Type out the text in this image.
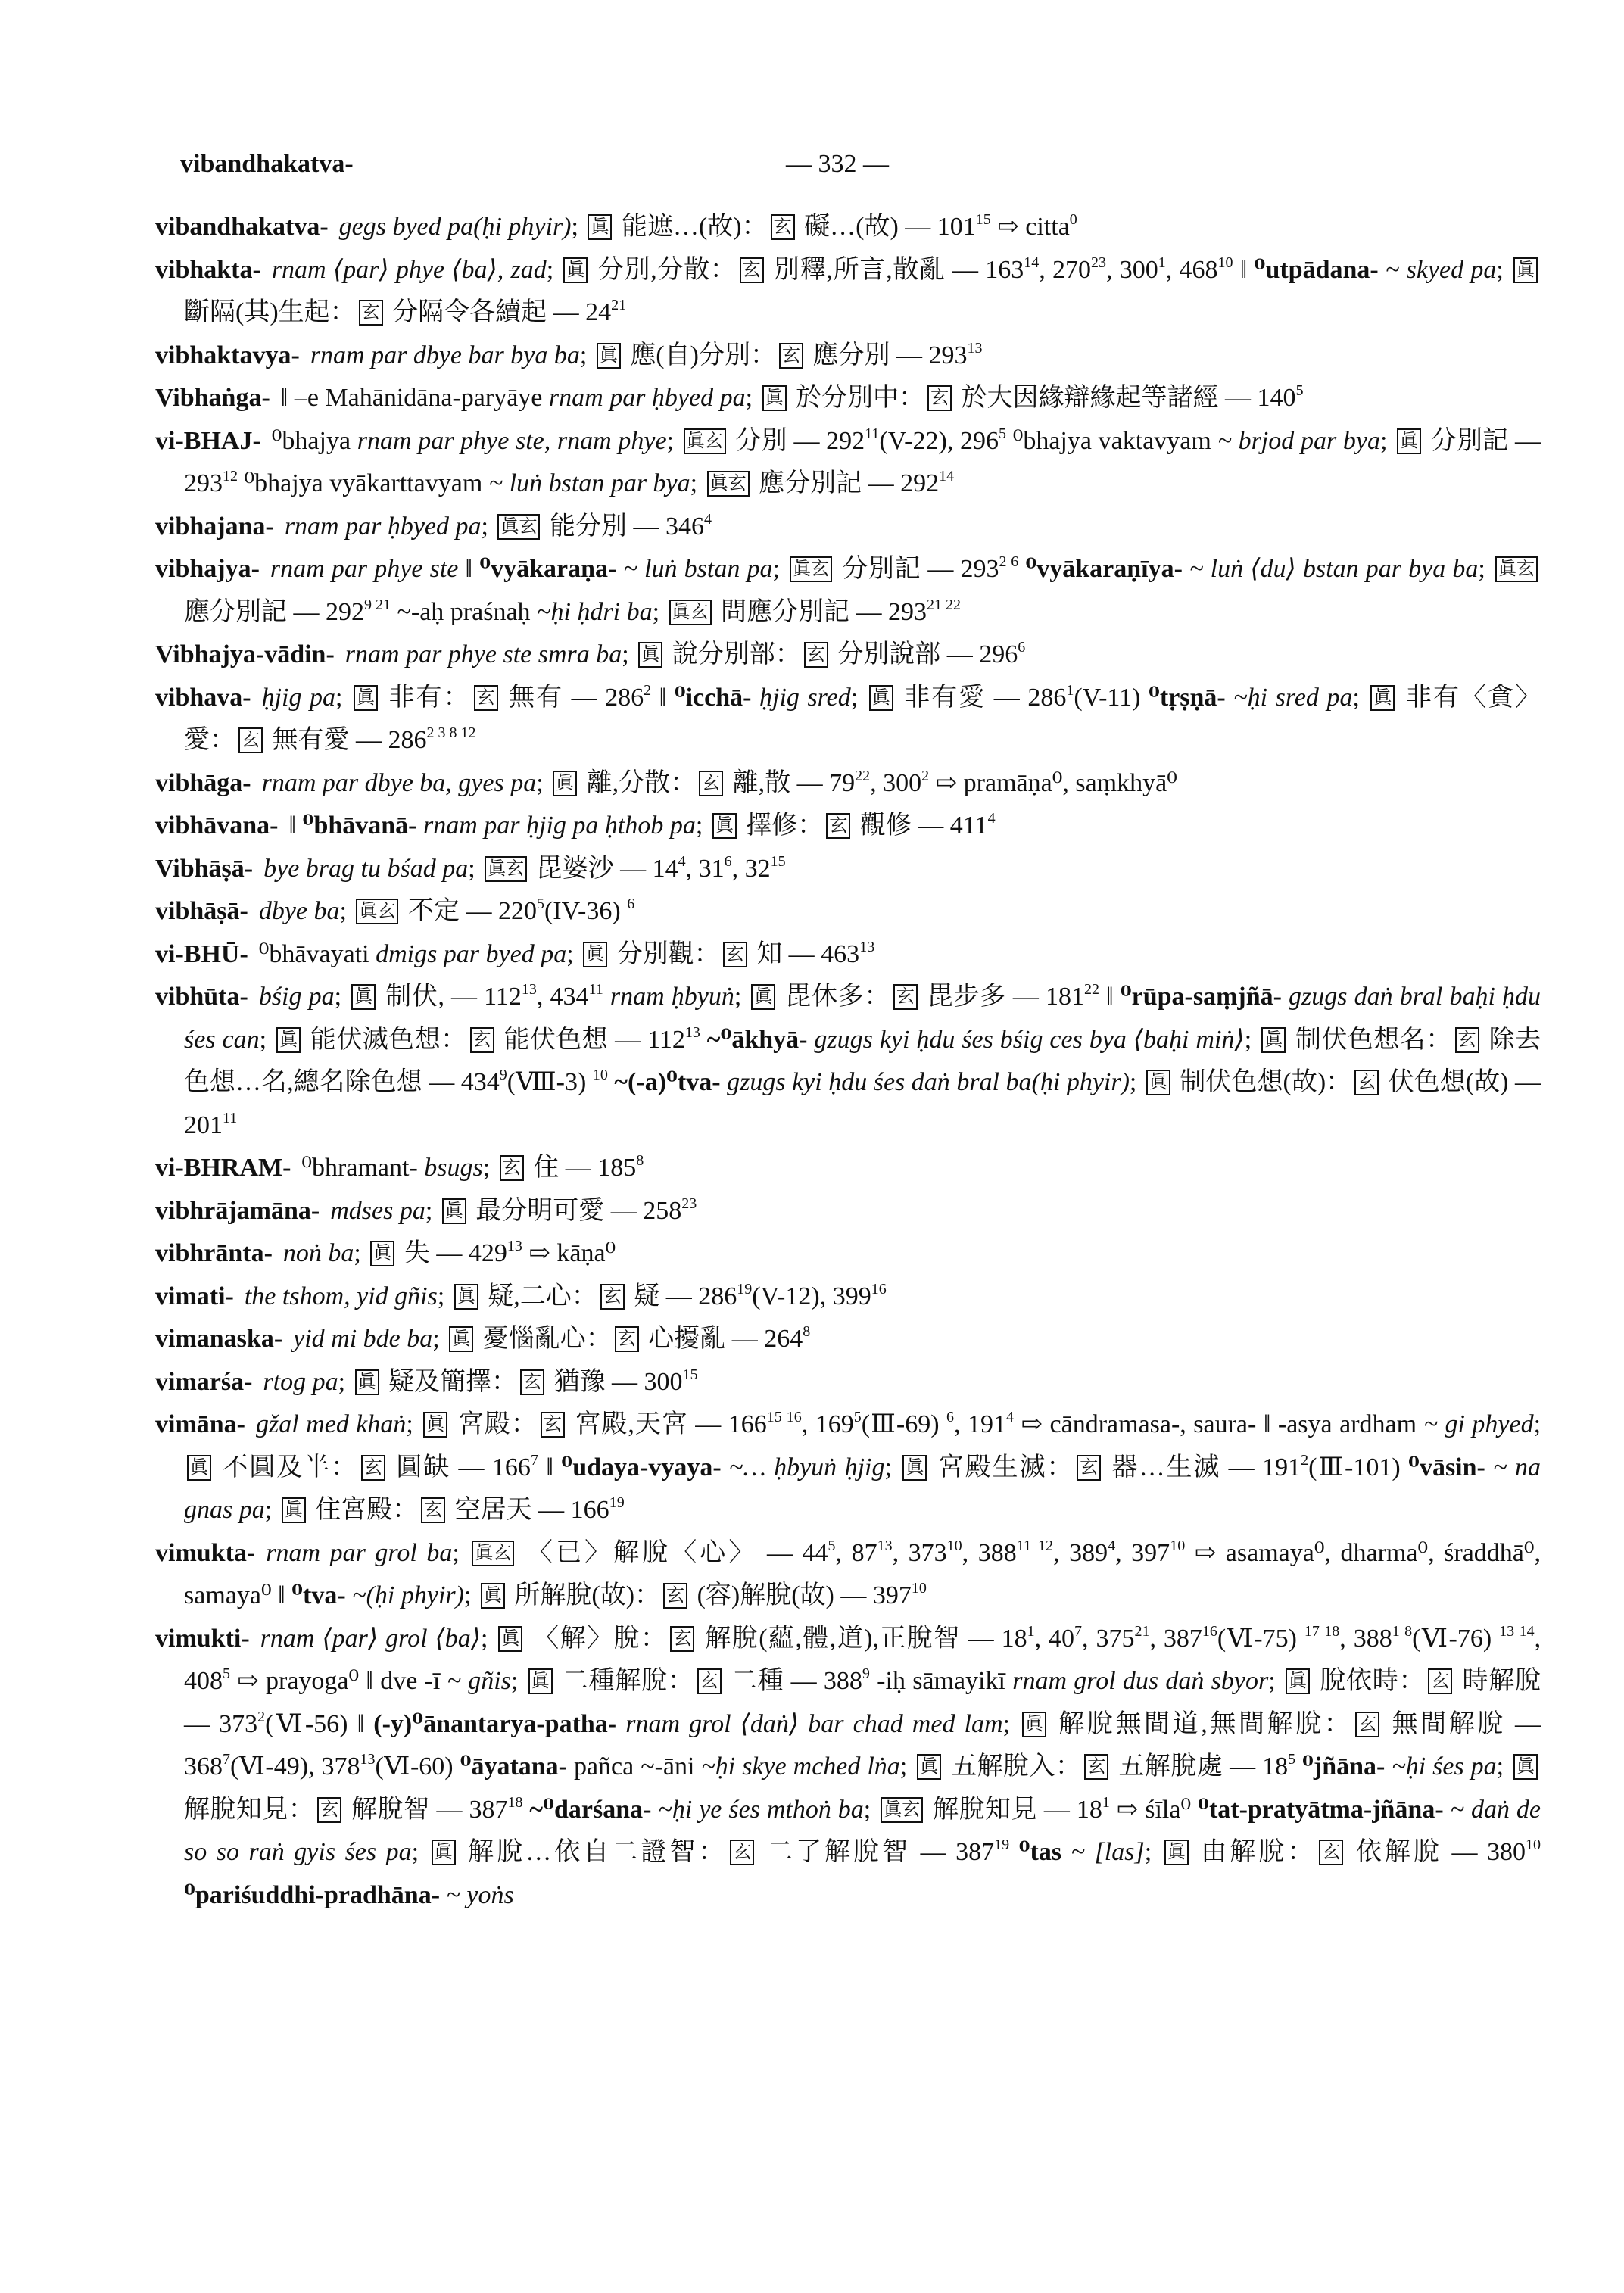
vibandhakatva-	— 332 —
vibandhakatva- gegs byed pa(ḥi phyir); 眞 能遮…(故)： 玄 礙…(故) — $101^{15}$ ⇨ citta$^0$
vibhakta- rnam ⟨par⟩ phye ⟨ba⟩, zad; 眞 分別,分散： 玄 別釋,所言,散亂 — $163^{14}$, $270^{23}$, $300^1$, $468^{10}$ ‖ ⁰utpādana- ~ skyed pa; 眞 斷隔(其)生起： 玄 分隔令各續起 — $24^{21}$
vibhaktavya- rnam par dbye bar bya ba; 眞 應(自)分別： 玄 應分別 — $293^{13}$
Vibhaṅga- ‖ –e Mahānidāna-paryāye rnam par ḥbyed pa; 眞 於分別中： 玄 於大因緣辯緣起等諸經 — $140^5$
vi-BHAJ- ⁰bhajya rnam par phye ste, rnam phye; 眞玄 分別 — $292^{11}(V-22)$, $296^5$ ⁰bhajya vaktavyam ~ brjod par bya; 眞 分別記 — $293^{12}$ ⁰bhajya vyākarttavyam ~ luṅ bstan par bya; 眞玄 應分別記 — $292^{14}$
vibhajana- rnam par ḥbyed pa; 眞玄 能分別 — $346^4$
vibhajya- rnam par phye ste ‖ ⁰vyākaraṇa- ~ luṅ bstan pa; 眞玄 分別記 — $293^{2 6}$ ⁰vyākaraṇīya- ~ luṅ ⟨du⟩ bstan par bya ba; 眞玄 應分別記 — $292^{9 21}$ ~-aḥ praśnaḥ ~ḥi ḥdri ba; 眞玄 問應分別記 — $293^{21 22}$
Vibhajya-vādin- rnam par phye ste smra ba; 眞 說分別部： 玄 分別說部 — $296^6$
vibhava- ḥjig pa; 眞 非有： 玄 無有 — $286^2$ ‖ ⁰icchā- ḥjig sred; 眞 非有愛 — $286^1(V-11)$ ⁰tṛṣṇā- ~ḥi sred pa; 眞 非有〈貪〉愛： 玄 無有愛 — $286^{2 3 8 12}$
vibhāga- rnam par dbye ba, gyes pa; 眞 離,分散： 玄 離,散 — $79^{22}$, $300^2$ ⇨ pramāṇa⁰, saṃkhyā⁰
vibhāvana- ‖ ⁰bhāvanā- rnam par ḥjig pa ḥthob pa; 眞 擇修： 玄 觀修 — $411^4$
Vibhāṣā- bye brag tu bśad pa; 眞玄 毘婆沙 — $14^4$, $31^6$, $32^{15}$
vibhāṣā- dbye ba; 眞玄 不定 — $220^5(IV-36)$ $^6$
vi-BHŪ- ⁰bhāvayati dmigs par byed pa; 眞 分別觀： 玄 知 — $463^{13}$
vibhūta- bśig pa; 眞 制伏, — $112^{13}$, $434^{11}$ rnam ḥbyuṅ; 眞 毘休多： 玄 毘步多 — $181^{22}$ ‖ ⁰rūpa-saṃjñā- gzugs daṅ bral baḥi ḥdu śes can; 眞 能伏滅色想： 玄 能伏色想 — $112^{13}$ ~⁰ākhyā- gzugs kyi ḥdu śes bśig ces bya ⟨baḥi miṅ⟩; 眞 制伏色想名： 玄 除去色想…名,總名除色想 — $434^9(Ⅷ-3)$ $^{10}$ ~(-a)⁰tva- gzugs kyi ḥdu śes daṅ bral ba(ḥi phyir); 眞 制伏色想(故)： 玄 伏色想(故) — $201^{11}$
vi-BHRAM- ⁰bhramant- bsugs; 玄 住 — $185^8$
vibhrājamāna- mdses pa; 眞 最分明可愛 — $258^{23}$
vibhrānta- noṅ ba; 眞 失 — $429^{13}$ ⇨ kāṇa⁰
vimati- the tshom, yid gñis; 眞 疑,二心： 玄 疑 — $286^{19}(V-12)$, $399^{16}$
vimanaska- yid mi bde ba; 眞 憂惱亂心： 玄 心擾亂 — $264^8$
vimarśa- rtog pa; 眞 疑及簡擇： 玄 猶豫 — $300^{15}$
vimāna- gžal med khaṅ; 眞 宮殿： 玄 宮殿,天宮 — $166^{15 16}$, $169^5(Ⅲ-69)$ $^6$, $191^4$ ⇨ cāndramasa-, saura- ‖ -asya ardham ~ gi phyed; 眞 不圓及半： 玄 圓缺 — $166^7$ ‖ ⁰udaya-vyaya- ~… ḥbyuṅ ḥjig; 眞 宮殿生滅： 玄 器…生滅 — $191^2(Ⅲ-101)$ ⁰vāsin- ~ na gnas pa; 眞 住宮殿： 玄 空居天 — $166^{19}$
vimukta- rnam par grol ba; 眞玄 〈已〉解脫〈心〉 — $44^5$, $87^{13}$, $373^{10}$, $388^{11 12}$, $389^4$, $397^{10}$ ⇨ asamaya⁰, dharma⁰, śraddhā⁰, samaya⁰ ‖ ⁰tva- ~(ḥi phyir); 眞 所解脫(故)： 玄 (容)解脫(故) — $397^{10}$
vimukti- rnam ⟨par⟩ grol ⟨ba⟩; 眞 〈解〉脫： 玄 解脫(蘊,體,道),正脫智 — $18^1$, $40^7$, $375^{21}$, $387^{16}(Ⅵ-75)$ $^{17 18}$, $388^{1 8}(Ⅵ-76)$ $^{13 14}$, $408^5$ ⇨ prayoga⁰ ‖ dve -ī ~ gñis; 眞 二種解脫： 玄 二種 — $388^9$ -iḥ sāmayikī rnam grol dus daṅ sbyor; 眞 脫依時： 玄 時解脫 — $373^2(Ⅵ-56)$ ‖ (-y)⁰ānantarya-patha- rnam grol ⟨daṅ⟩ bar chad med lam; 眞 解脫無間道,無間解脫： 玄 無間解脫 — $368^7(Ⅵ-49)$, $378^{13}(Ⅵ-60)$ ⁰āyatana- pañca ~-āni ~ḥi skye mched lṅa; 眞 五解脫入： 玄 五解脫處 — $18^5$ ⁰jñāna- ~ḥi śes pa; 眞 解脫知見： 玄 解脫智 — $387^{18}$ ~⁰darśana- ~ḥi ye śes mthoṅ ba; 眞玄 解脫知見 — $18^1$ ⇨ śīla⁰ ⁰tat-pratyātma-jñāna- ~ daṅ de so so raṅ gyis śes pa; 眞 解脫…依自二證智： 玄 二了解脫智 — $387^{19}$ ⁰tas ~ [las]; 眞 由解脫： 玄 依解脫 — $380^{10}$ ⁰pariśuddhi-pradhāna- ~ yoṅs
